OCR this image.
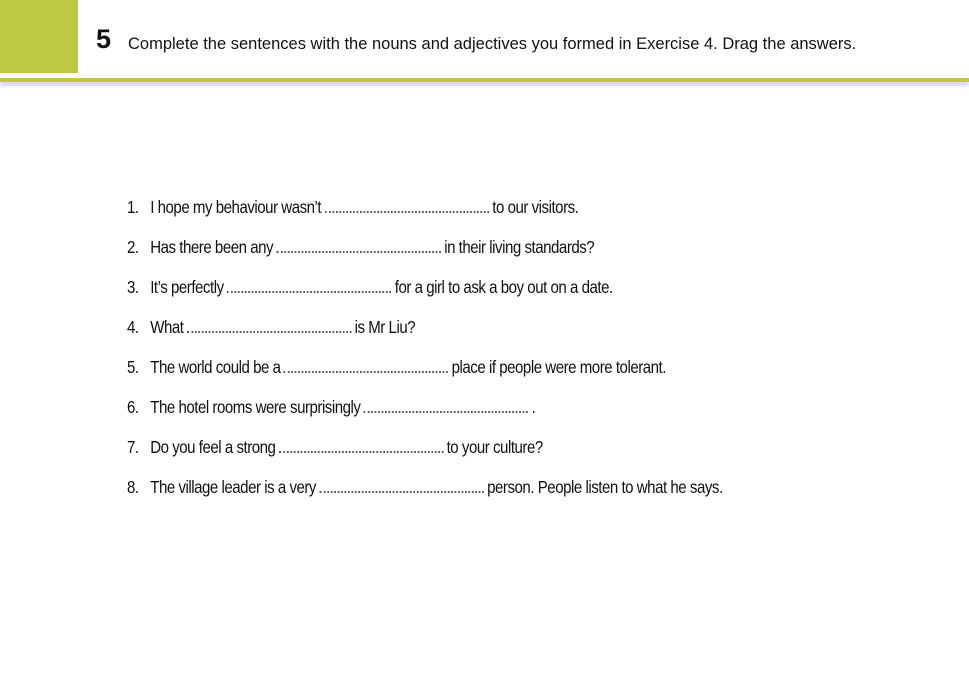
5 Complete the sentences with the nouns and adjectives you formed in Exercise 4. Drag the answers.
1. I hope my behaviour wasn’t	to our visitors.
2. Has there been any	in their living standards?
3. It’s perfectly	for a girl to ask a boy out on a date.
4. What	is Mr Liu?
5. The world could be a	place if people were more tolerant.
6. The hotel rooms were surprisingly	.
7. Do you feel a strong	to your culture?
8. The village leader is a very	person. People listen to what he says.
